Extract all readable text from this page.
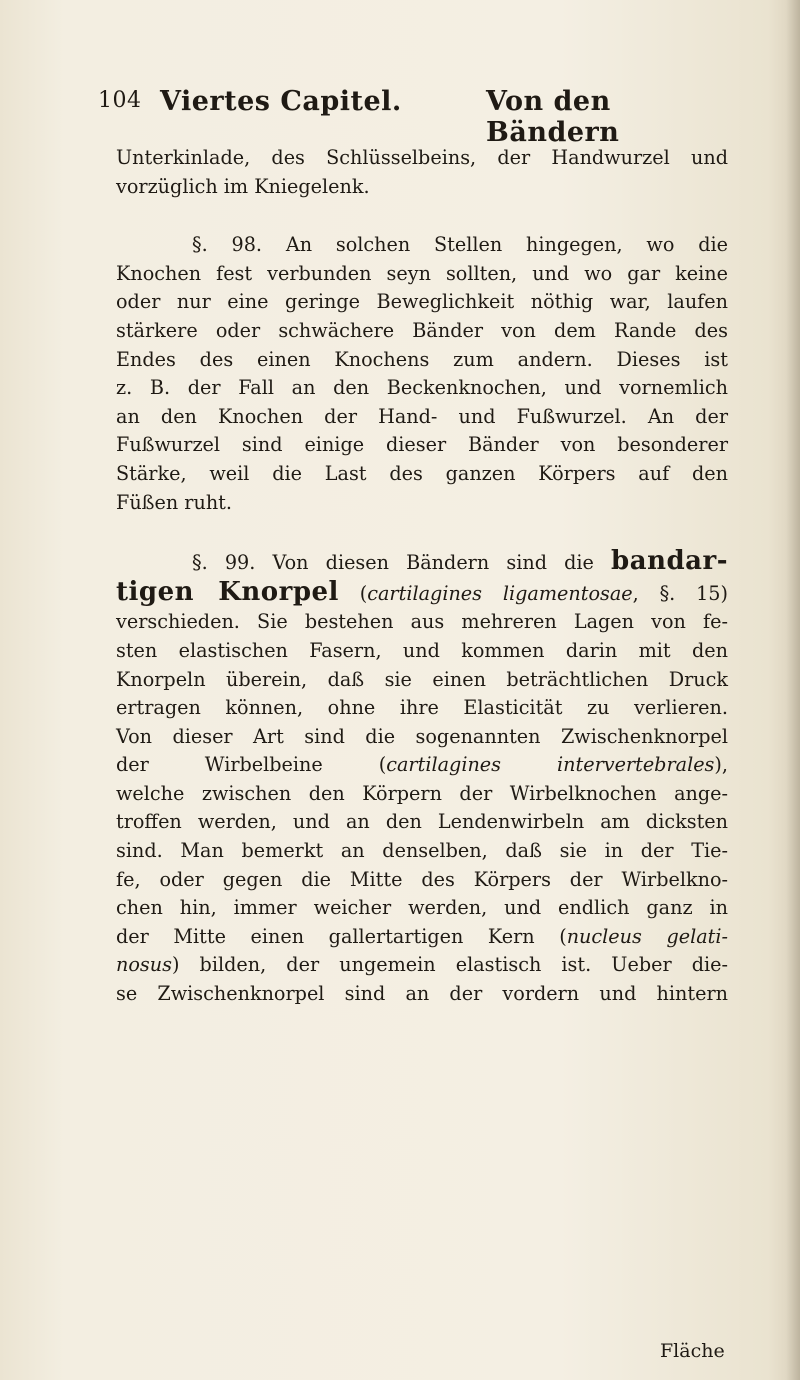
104 Viertes Capitel.	Von den Bändern
Unterkinlade, des Schlüsselbeins, der Handwurzel und
vorzüglich im Kniegelenk.
§. 98. An solchen Stellen hingegen, wo die
Knochen fest verbunden seyn sollten, und wo gar keine
oder nur eine geringe Beweglichkeit nöthig war, laufen
stärkere oder schwächere Bänder von dem Rande des
Endes des einen Knochens zum andern. Dieses ist
z. B. der Fall an den Beckenknochen, und vornemlich
an den Knochen der Hand- und Fußwurzel. An der
Fußwurzel sind einige dieser Bänder von besonderer
Stärke, weil die Last des ganzen Körpers auf den
Füßen ruht.
§. 99. Von diesen Bändern sind die bandar-
tigen Knorpel (cartilagines ligamentosae, §. 15)
verschieden. Sie bestehen aus mehreren Lagen von fe-
sten elastischen Fasern, und kommen darin mit den
Knorpeln überein, daß sie einen beträchtlichen Druck
ertragen können, ohne ihre Elasticität zu verlieren.
Von dieser Art sind die sogenannten Zwischenknorpel
der Wirbelbeine (cartilagines intervertebrales),
welche zwischen den Körpern der Wirbelknochen ange-
troffen werden, und an den Lendenwirbeln am dicksten
sind. Man bemerkt an denselben, daß sie in der Tie-
fe, oder gegen die Mitte des Körpers der Wirbelkno-
chen hin, immer weicher werden, und endlich ganz in
der Mitte einen gallertartigen Kern (nucleus gelati-
nosus) bilden, der ungemein elastisch ist. Ueber die-
se Zwischenknorpel sind an der vordern und hintern
Fläche
